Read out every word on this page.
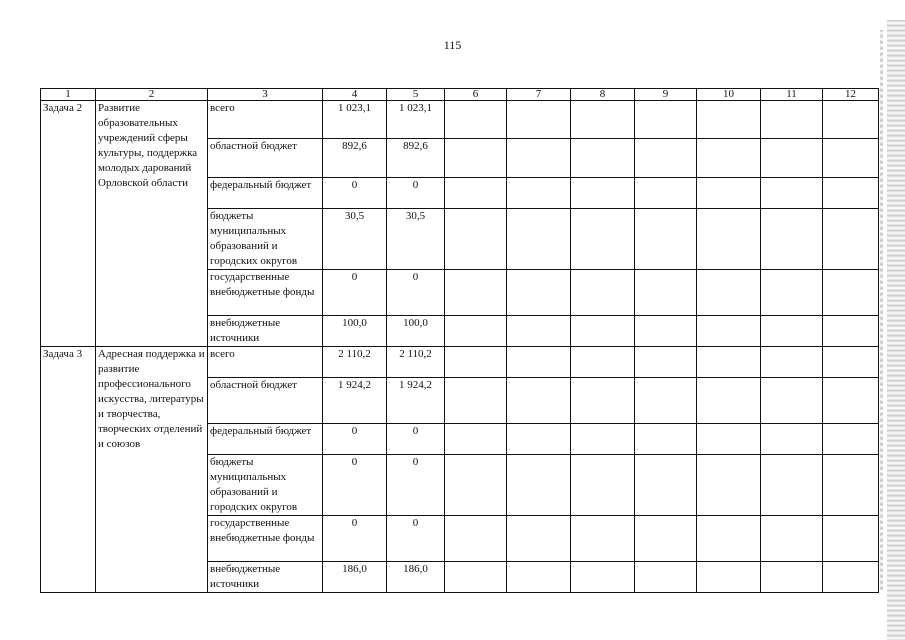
115
1	2	3	4	5	6	7	8	9	10	11	12
Задача 2	Развитие образовательных учреждений сферы культуры, поддержка молодых дарований Орловской области	всего	1 023,1	1 023,1							
		областной бюджет	892,6	892,6							
		федеральный бюджет	0	0							
		бюджеты муниципальных образований и городских округов	30,5	30,5							
		государственные внебюджетные фонды	0	0							
		внебюджетные источники	100,0	100,0							
Задача 3	Адресная поддержка и развитие профессионального искусства, литературы и творчества, творческих отделений и союзов	всего	2 110,2	2 110,2							
		областной бюджет	1 924,2	1 924,2							
		федеральный бюджет	0	0							
		бюджеты муниципальных образований и городских округов	0	0							
		государственные внебюджетные фонды	0	0							
		внебюджетные источники	186,0	186,0							
